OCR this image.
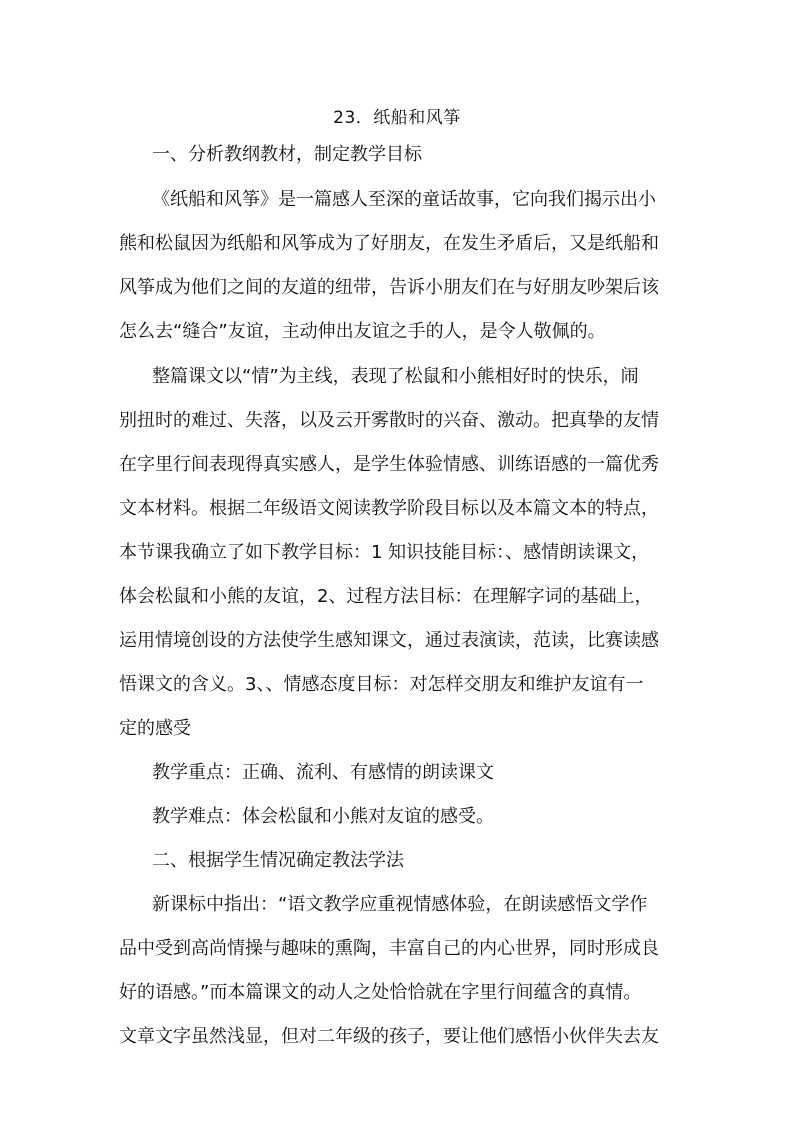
23．纸船和风筝
一、分析教纲教材，制定教学目标
《纸船和风筝》是一篇感人至深的童话故事，它向我们揭示出小
熊和松鼠因为纸船和风筝成为了好朋友，在发生矛盾后，又是纸船和
风筝成为他们之间的友道的纽带，告诉小朋友们在与好朋友吵架后该
怎么去“缝合”友谊，主动伸出友谊之手的人，是令人敬佩的。
整篇课文以“情”为主线，表现了松鼠和小熊相好时的快乐，闹
别扭时的难过、失落，以及云开雾散时的兴奋、激动。把真挚的友情
在字里行间表现得真实感人，是学生体验情感、训练语感的一篇优秀
文本材料。根据二年级语文阅读教学阶段目标以及本篇文本的特点，
本节课我确立了如下教学目标：1 知识技能目标：、感情朗读课文，
体会松鼠和小熊的友谊，2、过程方法目标：在理解字词的基础上，
运用情境创设的方法使学生感知课文，通过表演读，范读，比赛读感
悟课文的含义。3、、情感态度目标：对怎样交朋友和维护友谊有一
定的感受
教学重点：正确、流利、有感情的朗读课文
教学难点：体会松鼠和小熊对友谊的感受。
二、根据学生情况确定教法学法
新课标中指出：“语文教学应重视情感体验，在朗读感悟文学作
品中受到高尚情操与趣味的熏陶，丰富自己的内心世界，同时形成良
好的语感。”而本篇课文的动人之处恰恰就在字里行间蕴含的真情。
文章文字虽然浅显，但对二年级的孩子，要让他们感悟小伙伴失去友
